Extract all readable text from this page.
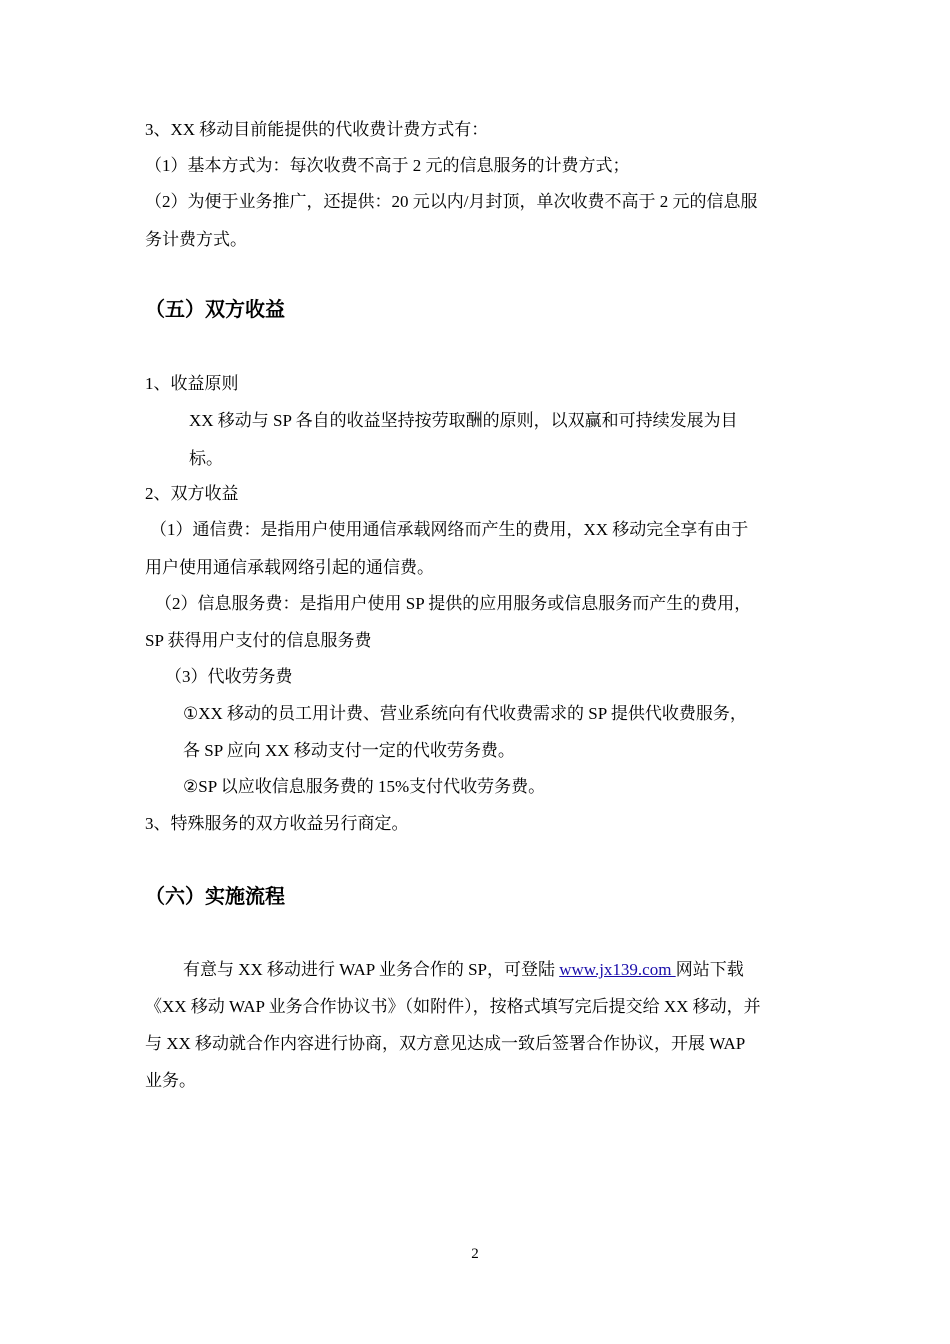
3、XX 移动目前能提供的代收费计费方式有：
（1）基本方式为：每次收费不高于 2 元的信息服务的计费方式；
（2）为便于业务推广，还提供：20 元以内/月封顶，单次收费不高于 2 元的信息服
务计费方式。
（五）双方收益
1、收益原则
XX 移动与 SP 各自的收益坚持按劳取酬的原则，以双赢和可持续发展为目
标。
2、双方收益
（1）通信费：是指用户使用通信承载网络而产生的费用，XX 移动完全享有由于
用户使用通信承载网络引起的通信费。
（2）信息服务费：是指用户使用 SP 提供的应用服务或信息服务而产生的费用，
SP 获得用户支付的信息服务费
（3）代收劳务费
①XX 移动的员工用计费、营业系统向有代收费需求的 SP 提供代收费服务，
各 SP 应向 XX 移动支付一定的代收劳务费。
②SP 以应收信息服务费的 15%支付代收劳务费。
3、特殊服务的双方收益另行商定。
（六）实施流程
有意与 XX 移动进行 WAP 业务合作的 SP，可登陆 www.jx139.com 网站下载
《XX 移动 WAP 业务合作协议书》（如附件），按格式填写完后提交给 XX 移动，并
与 XX 移动就合作内容进行协商，双方意见达成一致后签署合作协议，开展 WAP
业务。
2
